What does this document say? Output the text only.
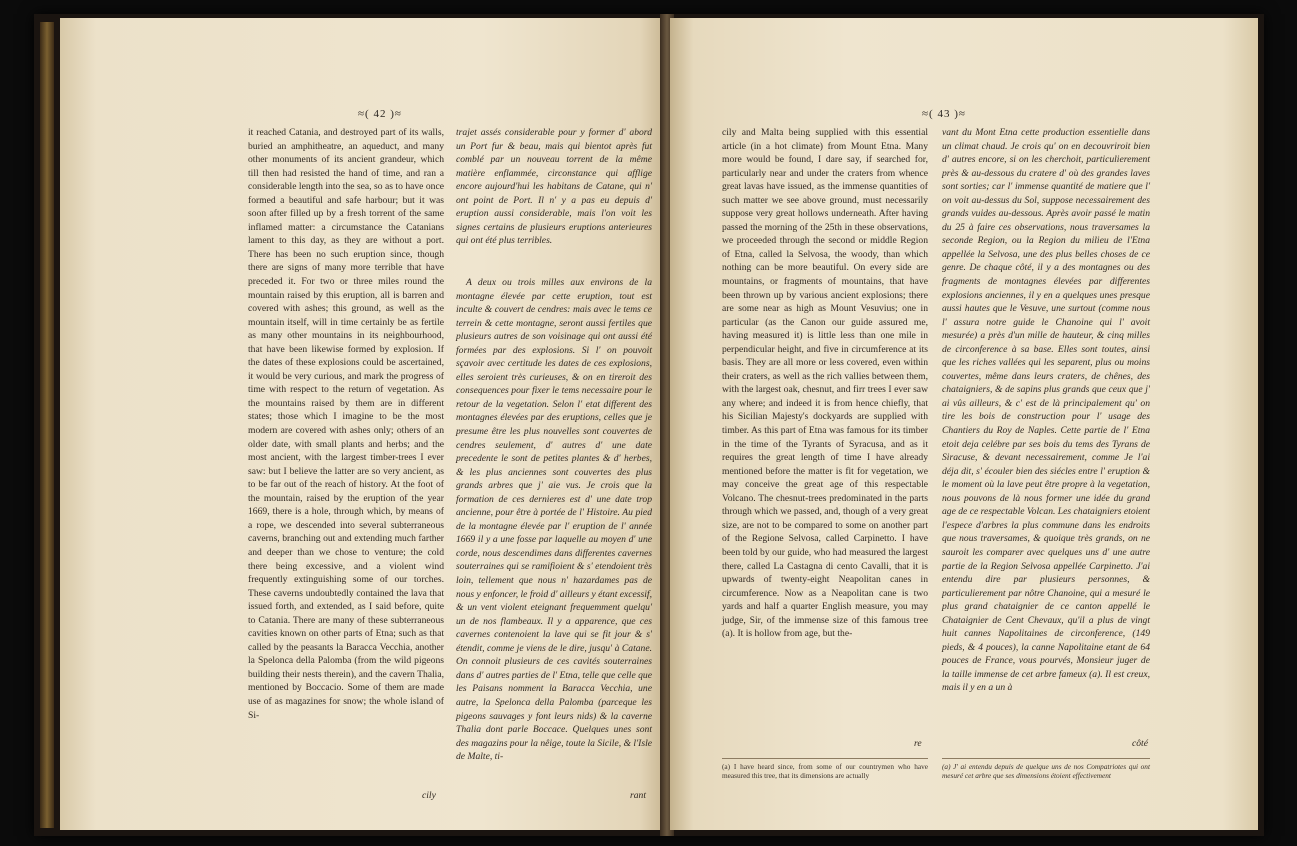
≈( 42 )≈

it reached Catania, and destroyed part of its walls, buried an amphitheatre, an aqueduct, and many other monuments of its ancient grandeur, which till then had resisted the hand of time, and ran a considerable length into the sea, so as to have once formed a beautiful and safe harbour; but it was soon after filled up by a fresh torrent of the same inflamed matter: a circumstance the Catanians lament to this day, as they are without a port. There has been no such eruption since, though there are signs of many more terrible that have preceded it. For two or three miles round the mountain raised by this eruption, all is barren and covered with ashes; this ground, as well as the mountain itself, will in time certainly be as fertile as many other mountains in its neighbourhood, that have been likewise formed by explosion. If the dates of these explosions could be ascertained, it would be very curious, and mark the progress of time with respect to the return of vegetation. As the mountains raised by them are in different states; those which I imagine to be the most modern are covered with ashes only; others of an older date, with small plants and herbs; and the most ancient, with the largest timber-trees I ever saw: but I believe the latter are so very ancient, as to be far out of the reach of history. At the foot of the mountain, raised by the eruption of the year 1669, there is a hole, through which, by means of a rope, we descended into several subterraneous caverns, branching out and extending much farther and deeper than we chose to venture; the cold there being excessive, and a violent wind frequently extinguishing some of our torches. These caverns undoubtedly contained the lava that issued forth, and extended, as I said before, quite to Catania. There are many of these subterraneous cavities known on other parts of Etna; such as that called by the peasants la Baracca Vecchia, another la Spelonca della Palomba (from the wild pigeons building their nests therein), and the cavern Thalia, mentioned by Boccacio. Some of them are made use of as magazines for snow; the whole island of Si-

cily

trajet assés considerable pour y former d' abord un Port fur & beau, mais qui bientot après fut comblé par un nouveau torrent de la même matière enflammée, circonstance qui afflige encore aujourd'hui les habitans de Catane, qui n' ont point de Port. Il n' y a pas eu depuis d' eruption aussi considerable, mais l'on voit les signes certains de plusieurs eruptions anterieures qui ont été plus terribles.

A deux ou trois milles aux environs de la montagne élevée par cette eruption, tout est inculte & couvert de cendres: mais avec le tems ce terrein & cette montagne, seront aussi fertiles que plusieurs autres de son voisinage qui ont aussi été formées par des explosions. Si l' on pouvoit sçavoir avec certitude les dates de ces explosions, elles seroient très curieuses, & on en tireroit des consequences pour fixer le tems necessaire pour le retour de la vegetation. Selon l' etat different des montagnes élevées par des eruptions, celles que je presume être les plus nouvelles sont couvertes de cendres seulement, d' autres d' une date precedente le sont de petites plantes & d' herbes, & les plus anciennes sont couvertes des plus grands arbres que j' aie vus. Je crois que la formation de ces dernieres est d' une date trop ancienne, pour être à portée de l' Histoire. Au pied de la montagne élevée par l' eruption de l' année 1669 il y a une fosse par laquelle au moyen d' une corde, nous descendimes dans differentes cavernes souterraines qui se ramifioient & s' etendoient très loin, tellement que nous n' hazardames pas de nous y enfoncer, le froid d' ailleurs y étant excessif, & un vent violent eteignant frequemment quelqu' un de nos flambeaux. Il y a apparence, que ces cavernes contenoient la lave qui se fit jour & s' étendit, comme je viens de le dire, jusqu' à Catane. On connoit plusieurs de ces cavités souterraines dans d' autres parties de l' Etna, telle que celle que les Paisans nomment la Baracca Vecchia, une autre, la Spelonca della Palomba (parceque les pigeons sauvages y font leurs nids) & la caverne Thalia dont parle Boccace. Quelques unes sont des magazins pour la nêige, toute la Sicile, & l'Isle de Malte, ti-

rant
≈( 43 )≈

cily and Malta being supplied with this essential article (in a hot climate) from Mount Etna. Many more would be found, I dare say, if searched for, particularly near and under the craters from whence great lavas have issued, as the immense quantities of such matter we see above ground, must necessarily suppose very great hollows underneath. After having passed the morning of the 25th in these observations, we proceeded through the second or middle Region of Etna, called la Selvosa, the woody, than which nothing can be more beautiful. On every side are mountains, or fragments of mountains, that have been thrown up by various ancient explosions; there are some near as high as Mount Vesuvius; one in particular (as the Canon our guide assured me, having measured it) is little less than one mile in perpendicular height, and five in circumference at its basis. They are all more or less covered, even within their craters, as well as the rich vallies between them, with the largest oak, chesnut, and firr trees I ever saw any where; and indeed it is from hence chiefly, that his Sicilian Majesty's dockyards are supplied with timber. As this part of Etna was famous for its timber in the time of the Tyrants of Syracusa, and as it requires the great length of time I have already mentioned before the matter is fit for vegetation, we may conceive the great age of this respectable Volcano. The chesnut-trees predominated in the parts through which we passed, and, though of a very great size, are not to be compared to some on another part of the Regione Selvosa, called Carpinetto. I have been told by our guide, who had measured the largest there, called La Castagna di cento Cavalli, that it is upwards of twenty-eight Neapolitan canes in circumference. Now as a Neapolitan cane is two yards and half a quarter English measure, you may judge, Sir, of the immense size of this famous tree (a). It is hollow from age, but the-

re
(a) I have heard since, from some of our countrymen who have measured this tree, that its dimensions are actually

vant du Mont Etna cette production essentielle dans un climat chaud. Je crois qu' on en decouvriroit bien d' autres encore, si on les cherchoit, particulierement près & au-dessous du cratere d' où des grandes laves sont sorties; car l' immense quantité de matiere que l' on voit au-dessus du Sol, suppose necessairement des grands vuides au-dessous. Après avoir passé le matin du 25 à faire ces observations, nous traversames la seconde Region, ou la Region du milieu de l'Etna appellée la Selvosa, une des plus belles choses de ce genre. De chaque côté, il y a des montagnes ou des fragments de montagnes élevées par differentes explosions anciennes, il y en a quelques unes presque aussi hautes que le Vesuve, une surtout (comme nous l' assura notre guide le Chanoine qui l' avoit mesurée) a près d'un mille de hauteur, & cinq milles de circonference à sa base. Elles sont toutes, ainsi que les riches vallées qui les separent, plus ou moins couvertes, même dans leurs craters, de chênes, des chataigniers, & de sapins plus grands que ceux que j' ai vûs ailleurs, & c' est de là principalement qu' on tire les bois de construction pour l' usage des Chantiers du Roy de Naples. Cette partie de l' Etna etoit deja celébre par ses bois du tems des Tyrans de Siracuse, & devant necessairement, comme Je l'ai déja dit, s' écouler bien des siécles entre l' eruption & le moment où la lave peut être propre à la vegetation, nous pouvons de là nous former une idée du grand age de ce respectable Volcan. Les chataigniers etoient l'espece d'arbres la plus commune dans les endroits que nous traversames, & quoique très grands, on ne sauroit les comparer avec quelques uns d' une autre partie de la Region Selvosa appellée Carpinetto. J'ai entendu dire par plusieurs personnes, & particulierement par nôtre Chanoine, qui a mesuré le plus grand chataignier de ce canton appellé le Chataignier de Cent Chevaux, qu'il a plus de vingt huit cannes Napolitaines de circonference, (149 pieds, & 4 pouces), la canne Napolitaine etant de 64 pouces de France, vous pourvés, Monsieur juger de la taille immense de cet arbre fameux (a). Il est creux, mais il y en a un à

côté
(a) J' ai entendu depuis de quelque uns de nos Compatriotes qui ont mesuré cet arbre que ses dimensions étoient effectivement
